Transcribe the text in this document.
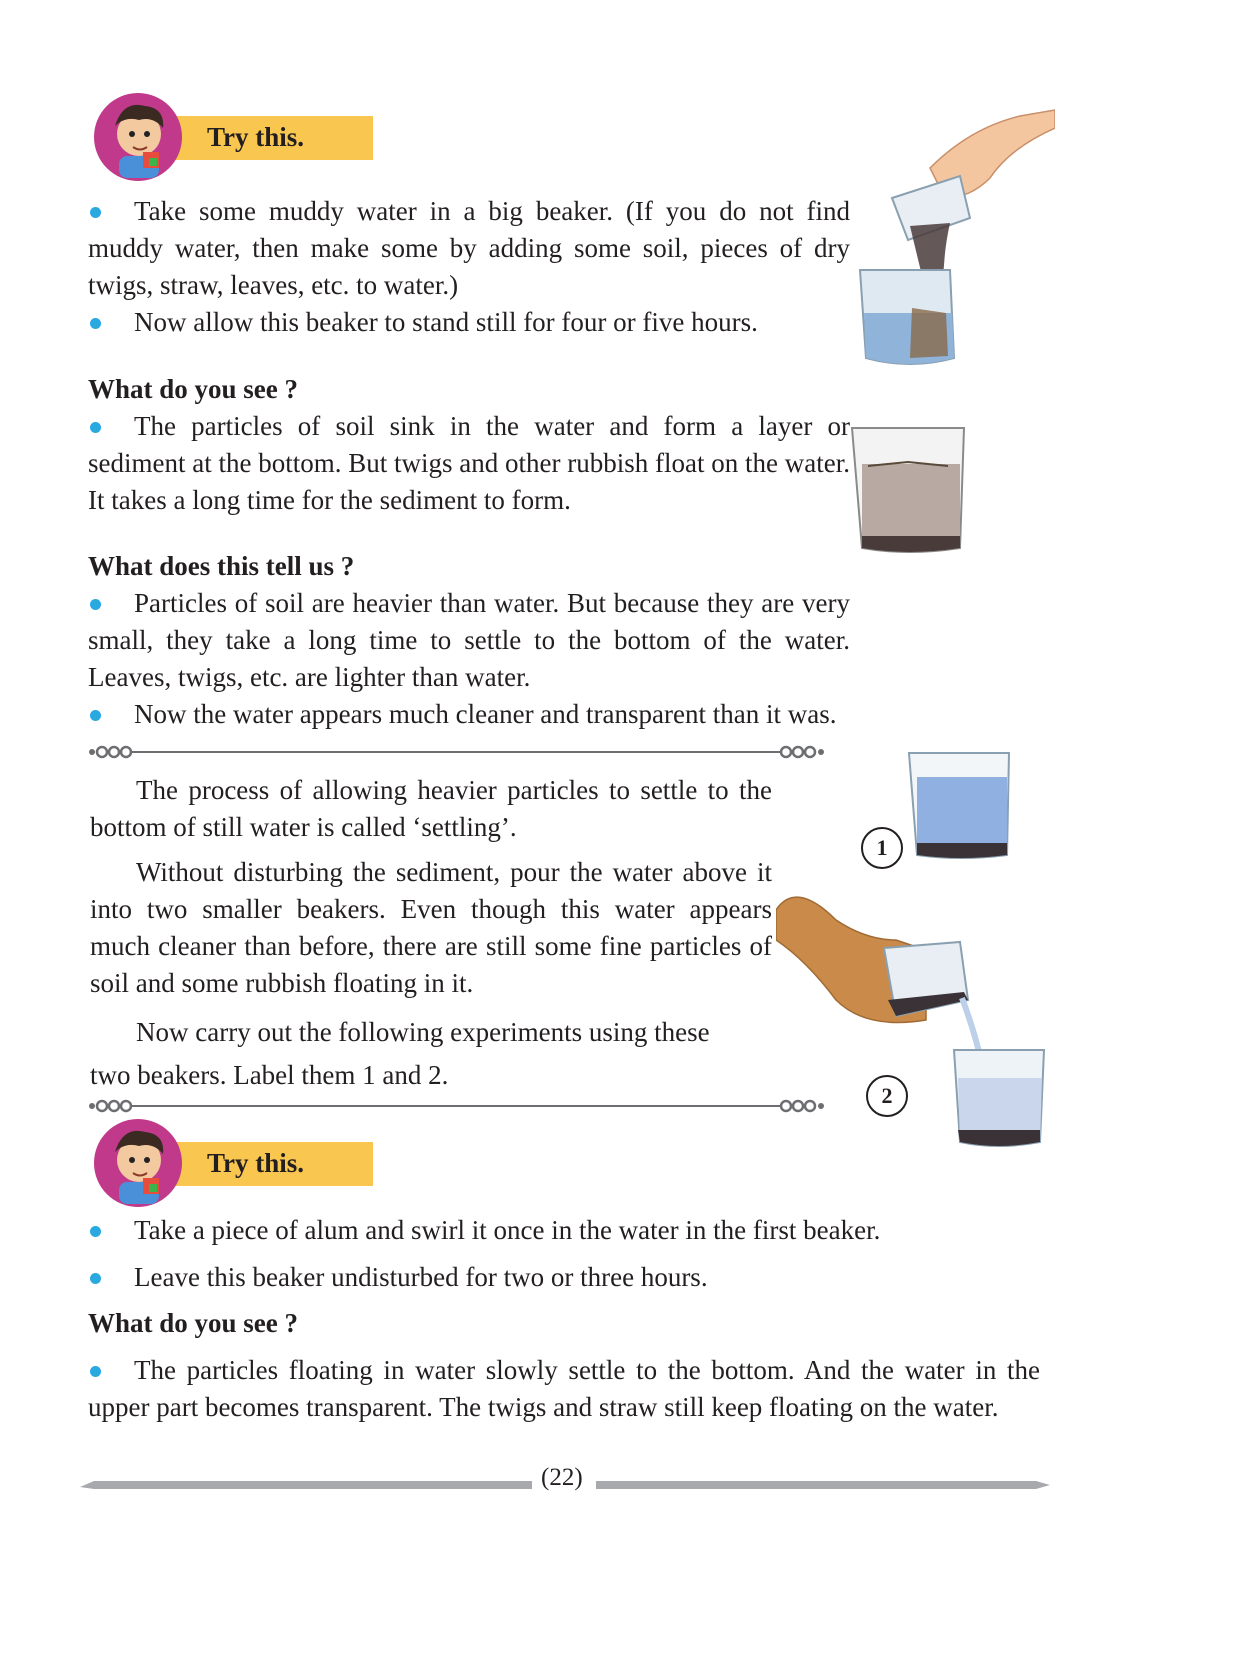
Try this.

Take some muddy water in a big beaker. (If you do not find muddy water, then make some by adding some soil, pieces of dry twigs, straw, leaves, etc. to water.)

Now allow this beaker to stand still for four or five hours.

What do you see ?

The particles of soil sink in the water and form a layer or sediment at the bottom. But twigs and other rubbish float on the water. It takes a long time for the sediment to form.

What does this tell us ?

Particles of soil are heavier than water. But because they are very small, they take a long time to settle to the bottom of the water. Leaves, twigs, etc. are lighter than water.

Now the water appears much cleaner and transparent than it was.

The process of allowing heavier particles to settle to the bottom of still water is called ‘settling’.

Without disturbing the sediment, pour the water above it into two smaller beakers. Even though this water appears much cleaner than before, there are still some fine particles of soil and some rubbish floating in it.

Now carry out the following experiments using these

two beakers. Label them 1 and 2.

1
2
Try this.

Take a piece of alum and swirl it once in the water in the first beaker.

Leave this beaker undisturbed for two or three hours.

What do you see ?

The particles floating in water slowly settle to the bottom. And the water in the upper part becomes transparent. The twigs and straw still keep floating on the water.

(22)
